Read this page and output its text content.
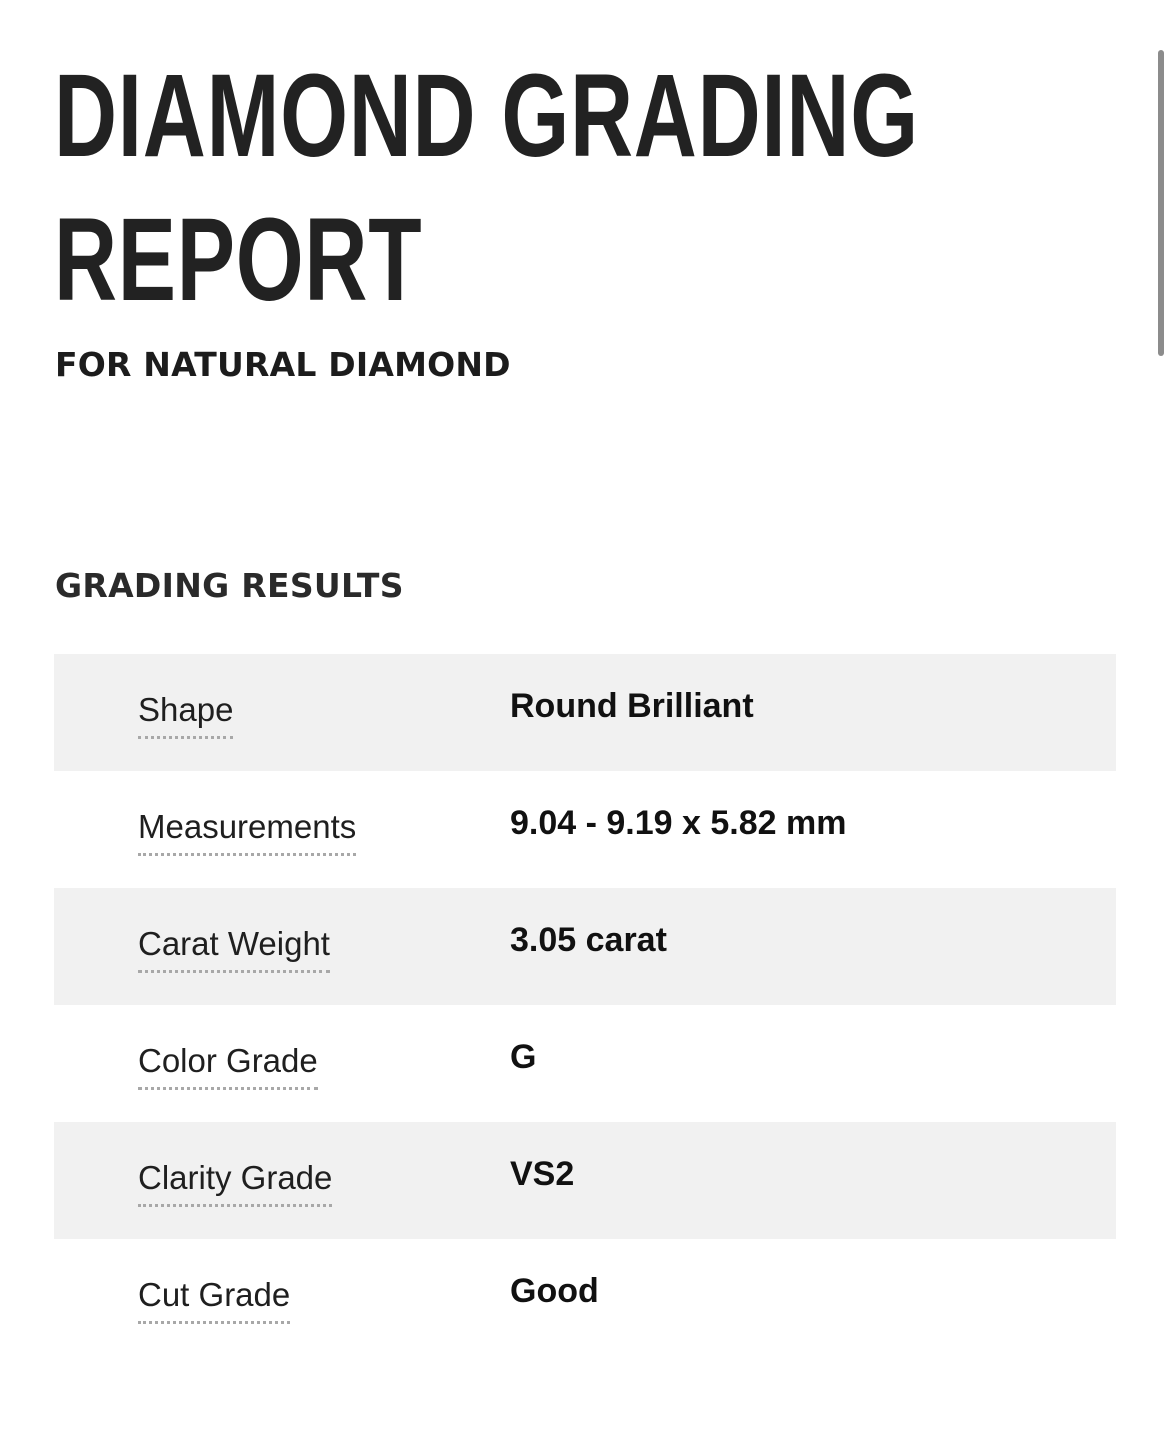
DIAMOND GRADING
REPORT
FOR NATURAL DIAMOND
GRADING RESULTS
Shape	Round Brilliant
Measurements	9.04 - 9.19 x 5.82 mm
Carat Weight	3.05 carat
Color Grade	G
Clarity Grade	VS2
Cut Grade	Good
